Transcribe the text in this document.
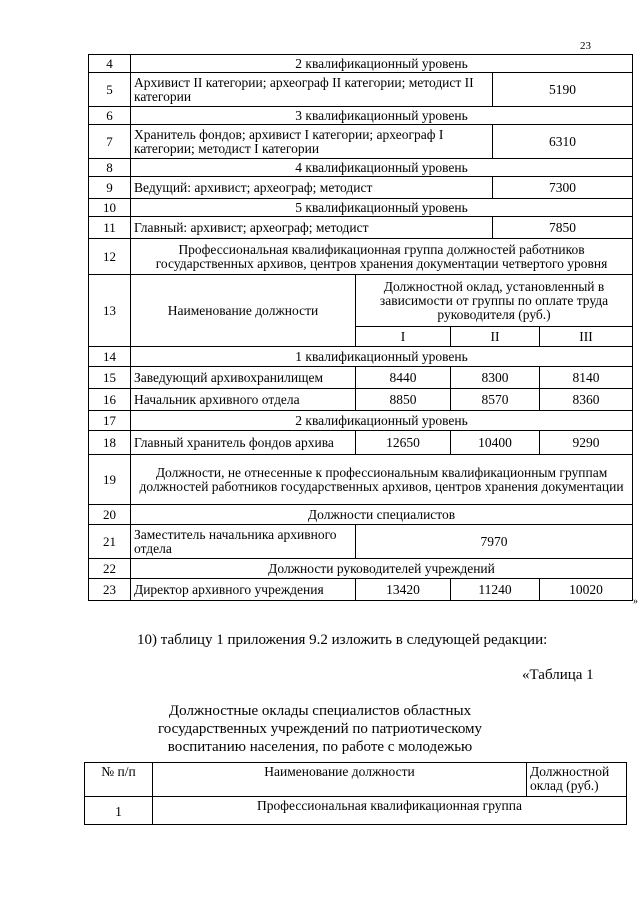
23
4	2 квалификационный уровень				
5	Архивист II категории; археограф II категории; методист II категории			5190	
6	3 квалификационный уровень				
7	Хранитель фондов; архивист I категории; археограф I категории; методист I категории			6310	
8	4 квалификационный уровень				
9	Ведущий: архивист; археограф; методист			7300	
10	5 квалификационный уровень				
11	Главный: архивист; археограф; методист			7850	
12	Профессиональная квалификационная группа должностей работников государственных архивов, центров хранения документации четвертого уровня				
13	Наименование должности	Должностной оклад, установленный в зависимости от группы по оплате труда руководителя (руб.)			
		I	II		III
14	1 квалификационный уровень				
15	Заведующий архивохранилищем	8440	8300		8140
16	Начальник архивного отдела	8850	8570		8360
17	2 квалификационный уровень				
18	Главный хранитель фондов архива	12650	10400		9290
19	Должности, не отнесенные к профессиональным квалификационным группам должностей работников государственных архивов, центров хранения документации				
20	Должности специалистов				
21	Заместитель начальника архивного отдела	7970			
22	Должности руководителей учреждений				
23	Директор архивного учреждения	13420	11240		10020
»
10) таблицу 1 приложения 9.2 изложить в следующей редакции:
«Таблица 1
Должностные оклады специалистов областных государственных учреждений по патриотическому воспитанию населения, по работе с молодежью
№ п/п	Наименование должности	Должностной оклад (руб.)
1	Профессиональная квалификационная группа	
